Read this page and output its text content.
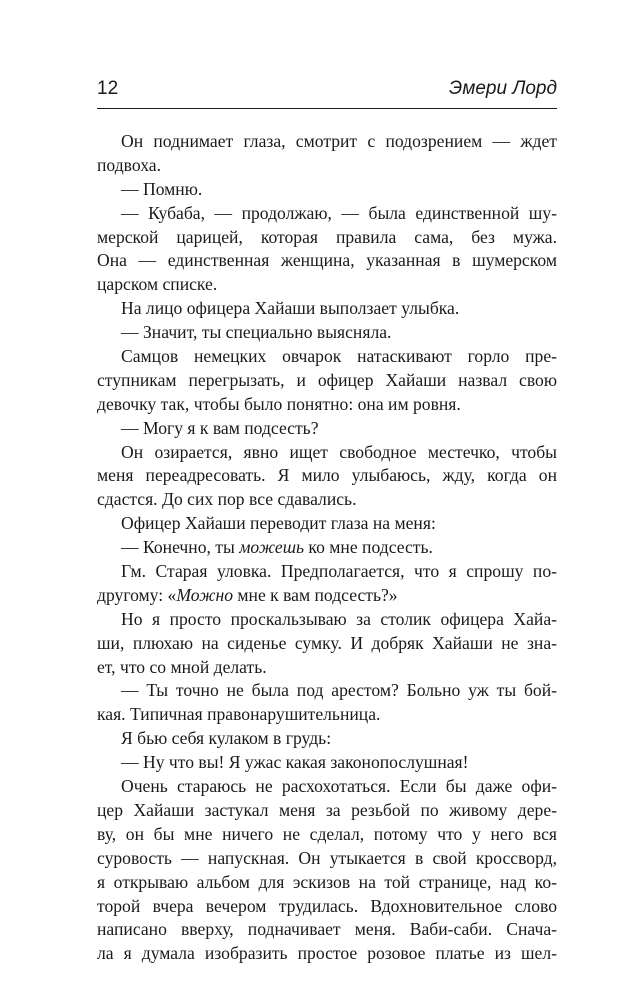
12	Эмери Лорд
Он поднимает глаза, смотрит с подозрением — ждет
подвоха.
— Помню.
— Кубаба, — продолжаю, — была единственной шу-
мерской царицей, которая правила сама, без мужа.
Она — единственная женщина, указанная в шумерском
царском списке.
На лицо офицера Хайаши выползает улыбка.
— Значит, ты специально выясняла.
Самцов немецких овчарок натаскивают горло пре-
ступникам перегрызать, и офицер Хайаши назвал свою
девочку так, чтобы было понятно: она им ровня.
— Могу я к вам подсесть?
Он озирается, явно ищет свободное местечко, чтобы
меня переадресовать. Я мило улыбаюсь, жду, когда он
сдастся. До сих пор все сдавались.
Офицер Хайаши переводит глаза на меня:
— Конечно, ты можешь ко мне подсесть.
Гм. Старая уловка. Предполагается, что я спрошу по-
другому: «Можно мне к вам подсесть?»
Но я просто проскальзываю за столик офицера Хайа-
ши, плюхаю на сиденье сумку. И добряк Хайаши не зна-
ет, что со мной делать.
— Ты точно не была под арестом? Больно уж ты бой-
кая. Типичная правонарушительница.
Я бью себя кулаком в грудь:
— Ну что вы! Я ужас какая законопослушная!
Очень стараюсь не расхохотаться. Если бы даже офи-
цер Хайаши застукал меня за резьбой по живому дере-
ву, он бы мне ничего не сделал, потому что у него вся
суровость — напускная. Он утыкается в свой кроссворд,
я открываю альбом для эскизов на той странице, над ко-
торой вчера вечером трудилась. Вдохновительное слово
написано вверху, подначивает меня. Ваби-саби. Снача-
ла я думала изобразить простое розовое платье из шел-
